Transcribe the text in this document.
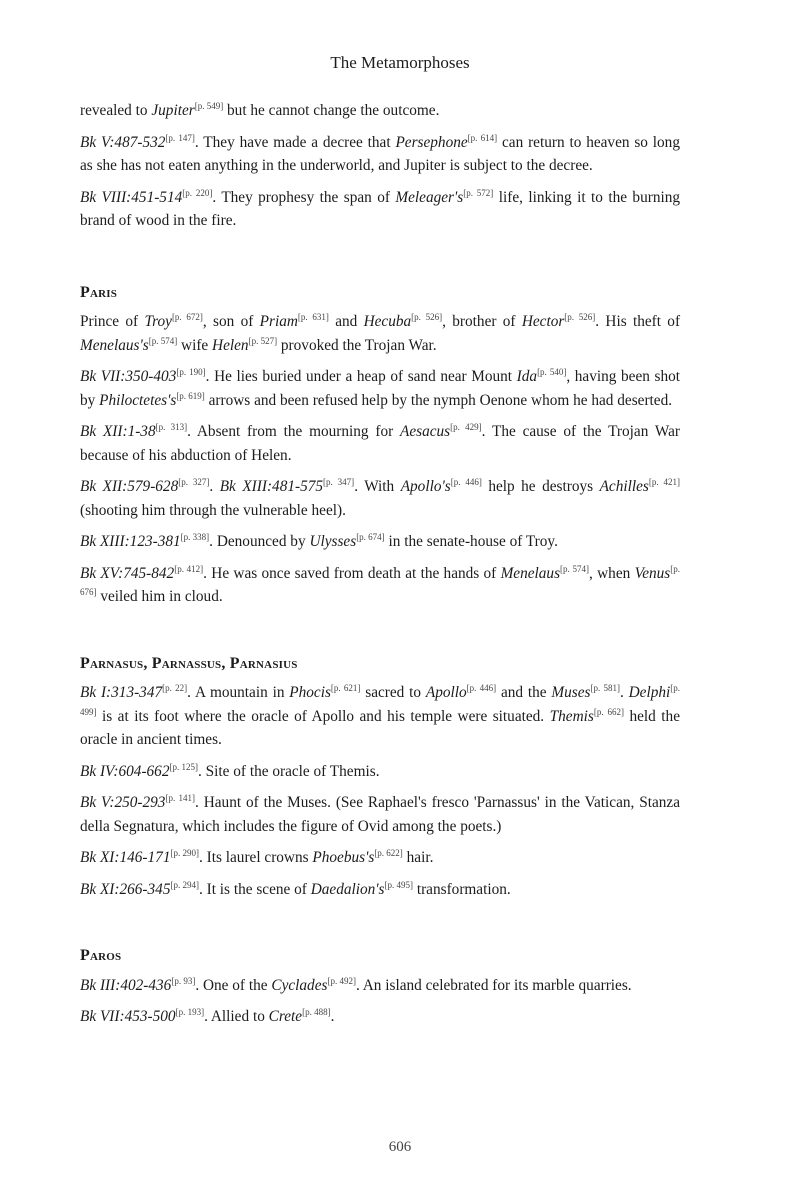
The Metamorphoses

revealed to Jupiter[p. 549] but he cannot change the outcome.

Bk V:487-532[p. 147]. They have made a decree that Persephone[p. 614] can return to heaven so long as she has not eaten anything in the underworld, and Jupiter is subject to the decree.

Bk VIII:451-514[p. 220]. They prophesy the span of Meleager's[p. 572] life, linking it to the burning brand of wood in the fire.

Paris

Prince of Troy[p. 672], son of Priam[p. 631] and Hecuba[p. 526], brother of Hector[p. 526]. His theft of Menelaus's[p. 574] wife Helen[p. 527] provoked the Trojan War.

Bk VII:350-403[p. 190]. He lies buried under a heap of sand near Mount Ida[p. 540], having been shot by Philoctetes's[p. 619] arrows and been refused help by the nymph Oenone whom he had deserted.

Bk XII:1-38[p. 313]. Absent from the mourning for Aesacus[p. 429]. The cause of the Trojan War because of his abduction of Helen.

Bk XII:579-628[p. 327]. Bk XIII:481-575[p. 347]. With Apollo's[p. 446] help he destroys Achilles[p. 421] (shooting him through the vulnerable heel).

Bk XIII:123-381[p. 338]. Denounced by Ulysses[p. 674] in the senate-house of Troy.

Bk XV:745-842[p. 412]. He was once saved from death at the hands of Menelaus[p. 574], when Venus[p. 676] veiled him in cloud.

Parnasus, Parnassus, Parnasius

Bk I:313-347[p. 22]. A mountain in Phocis[p. 621] sacred to Apollo[p. 446] and the Muses[p. 581]. Delphi[p. 499] is at its foot where the oracle of Apollo and his temple were situated. Themis[p. 662] held the oracle in ancient times.

Bk IV:604-662[p. 125]. Site of the oracle of Themis.

Bk V:250-293[p. 141]. Haunt of the Muses. (See Raphael's fresco 'Parnassus' in the Vatican, Stanza della Segnatura, which includes the figure of Ovid among the poets.)

Bk XI:146-171[p. 290]. Its laurel crowns Phoebus's[p. 622] hair.

Bk XI:266-345[p. 294]. It is the scene of Daedalion's[p. 495] transformation.

Paros

Bk III:402-436[p. 93]. One of the Cyclades[p. 492]. An island celebrated for its marble quarries.

Bk VII:453-500[p. 193]. Allied to Crete[p. 488].

606
